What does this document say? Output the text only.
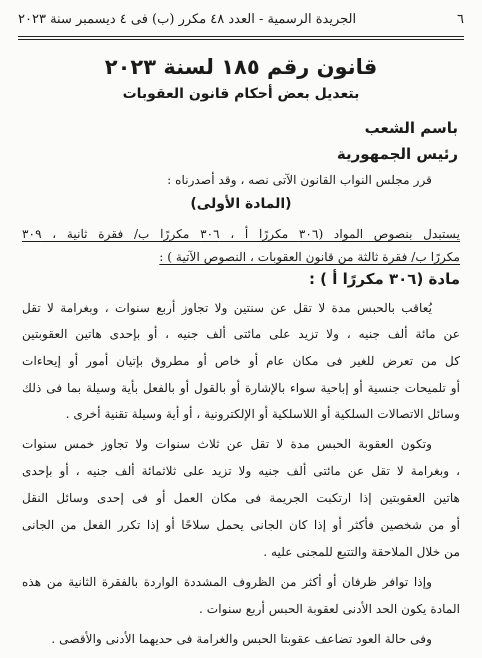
٦
الجريدة الرسمية - العدد ٤٨ مكرر (ب) فى ٤ ديسمبر سنة ٢٠٢٣
قانون رقم ١٨٥ لسنة ٢٠٢٣
بتعديل بعض أحكام قانون العقوبات
باسم الشعب
رئيس الجمهورية
قرر مجلس النواب القانون الآتى نصه ، وقد أصدرناه :
(المادة الأولى)
يستبدل بنصوص المواد (٣٠٦ مكررًا أ ، ٣٠٦ مكررًا ب/ فقرة ثانية ، ٣٠٩
مكررًا ب/ فقرة ثالثة من قانون العقوبات ، النصوص الآتية ) :
مادة (٣٠٦ مكررًا أ ) :
يُعاقب بالحبس مدة لا تقل عن سنتين ولا تجاوز أربع سنوات ، وبغرامة لا تقل
عن مائة ألف جنيه ، ولا تزيد على مائتى ألف جنيه ، أو بإحدى هاتين العقوبتين
كل من تعرض للغير فى مكان عام أو خاص أو مطروق بإتيان أمور أو إيحاءات
أو تلميحات جنسية أو إباحية سواء بالإشارة أو بالقول أو بالفعل بأية وسيلة بما فى ذلك
وسائل الاتصالات السلكية أو اللاسلكية أو الإلكترونية ، أو أية وسيلة تقنية أخرى .
وتكون العقوبة الحبس مدة لا تقل عن ثلاث سنوات ولا تجاوز خمس سنوات
، وبغرامة لا تقل عن مائتى ألف جنيه ولا تزيد على ثلاثمائة ألف جنيه ، أو بإحدى
هاتين العقوبتين إذا ارتكبت الجريمة فى مكان العمل أو فى إحدى وسائل النقل
أو من شخصين فأكثر أو إذا كان الجانى يحمل سلاحًا أو إذا تكرر الفعل من الجانى
من خلال الملاحقة والتتبع للمجنى عليه .
وإذا توافر ظرفان أو أكثر من الظروف المشددة الواردة بالفقرة الثانية من هذه
المادة يكون الحد الأدنى لعقوبة الحبس أربع سنوات .
وفى حالة العود تضاعف عقوبتا الحبس والغرامة فى حديهما الأدنى والأقصى .
